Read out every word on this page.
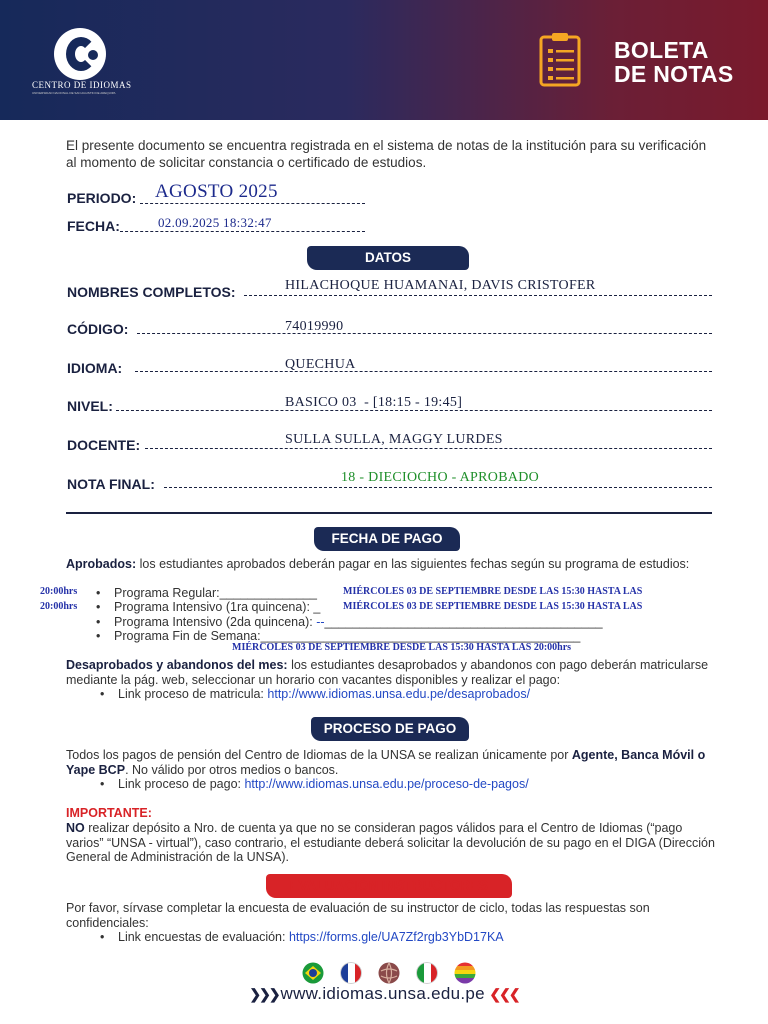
CENTRO DE IDIOMAS
UNIVERSIDAD NACIONAL DE SAN AGUSTIN DE AREQUIPA
BOLETA
DE NOTAS
El presente documento se encuentra registrada en el sistema de notas de la institución para su verificación al momento de solicitar constancia o certificado de estudios.
PERIODO: AGOSTO 2025
FECHA:	02.09.2025 18:32:47
DATOS
NOMBRES COMPLETOS:	HILACHOQUE HUAMANAI, DAVIS CRISTOFER
CÓDIGO:	74019990
IDIOMA:	QUECHUA
NIVEL:	BASICO 03  - [18:15 - 19:45]
DOCENTE:	SULLA SULLA, MAGGY LURDES
NOTA FINAL:	18 - DIECIOCHO - APROBADO
FECHA DE PAGO
Aprobados: los estudiantes aprobados deberán pagar en las siguientes fechas según su programa de estudios:
20:00hrs • Programa Regular:______________	MIÉRCOLES 03 DE SEPTIEMBRE DESDE LAS 15:30 HASTA LAS
20:00hrs • Programa Intensivo (1ra quincena): _ MIÉRCOLES 03 DE SEPTIEMBRE DESDE LAS 15:30 HASTA LAS
• Programa Intensivo (2da quincena): --________________________________________
• Programa Fin de Semana:______________________________________________
MIÉRCOLES 03 DE SEPTIEMBRE DESDE LAS 15:30 HASTA LAS 20:00hrs
Desaprobados y abandonos del mes: los estudiantes desaprobados y abandonos con pago deberán matricularse mediante la pág. web, seleccionar un horario con vacantes disponibles y realizar el pago:
• Link proceso de matricula: http://www.idiomas.unsa.edu.pe/desaprobados/
PROCESO DE PAGO
Todos los pagos de pensión del Centro de Idiomas de la UNSA se realizan únicamente por Agente, Banca Móvil o Yape BCP. No válido por otros medios o bancos.
• Link proceso de pago: http://www.idiomas.unsa.edu.pe/proceso-de-pagos/
IMPORTANTE:
NO realizar depósito a Nro. de cuenta ya que no se consideran pagos válidos para el Centro de Idiomas (“pago varios” “UNSA - virtual”), caso contrario, el estudiante deberá solicitar la devolución de su pago en el DIGA (Dirección General de Administración de la UNSA).
EVALUACIÓN INSTRUCTORES
Por favor, sírvase completar la encuesta de evaluación de su instructor de ciclo, todas las respuestas son confidenciales:
• Link encuestas de evaluación: https://forms.gle/UA7Zf2rgb3YbD17KA
❯❯❯ www.idiomas.unsa.edu.pe ❮❮❮
